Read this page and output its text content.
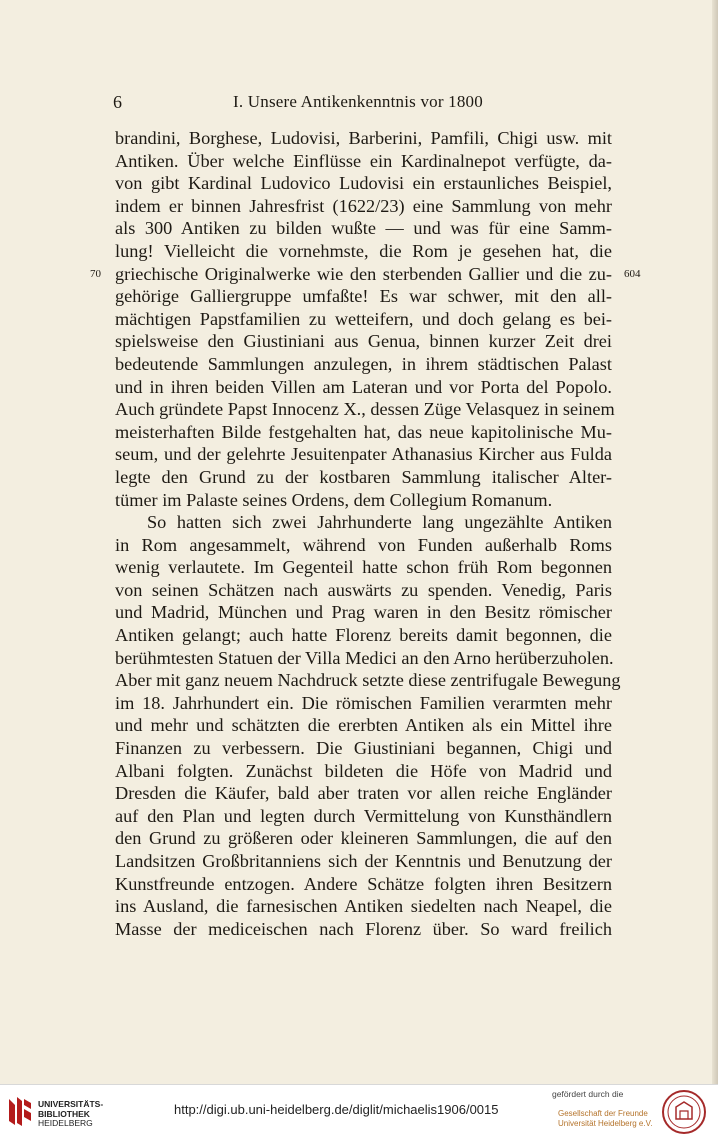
6	I. Unsere Antikenkenntnis vor 1800
70	604
brandini, Borghese, Ludovisi, Barberini, Pamfili, Chigi usw. mit
Antiken. Über welche Einflüsse ein Kardinalnepot verfügte, da-
von gibt Kardinal Ludovico Ludovisi ein erstaunliches Beispiel,
indem er binnen Jahresfrist (1622/23) eine Sammlung von mehr
als 300 Antiken zu bilden wußte — und was für eine Samm-
lung! Vielleicht die vornehmste, die Rom je gesehen hat, die
griechische Originalwerke wie den sterbenden Gallier und die zu-
gehörige Galliergruppe umfaßte! Es war schwer, mit den all-
mächtigen Papstfamilien zu wetteifern, und doch gelang es bei-
spielsweise den Giustiniani aus Genua, binnen kurzer Zeit drei
bedeutende Sammlungen anzulegen, in ihrem städtischen Palast
und in ihren beiden Villen am Lateran und vor Porta del Popolo.
Auch gründete Papst Innocenz X., dessen Züge Velasquez in seinem
meisterhaften Bilde festgehalten hat, das neue kapitolinische Mu-
seum, und der gelehrte Jesuitenpater Athanasius Kircher aus Fulda
legte den Grund zu der kostbaren Sammlung italischer Alter-
tümer im Palaste seines Ordens, dem Collegium Romanum.
So hatten sich zwei Jahrhunderte lang ungezählte Antiken
in Rom angesammelt, während von Funden außerhalb Roms
wenig verlautete. Im Gegenteil hatte schon früh Rom begonnen
von seinen Schätzen nach auswärts zu spenden. Venedig, Paris
und Madrid, München und Prag waren in den Besitz römischer
Antiken gelangt; auch hatte Florenz bereits damit begonnen, die
berühmtesten Statuen der Villa Medici an den Arno herüberzuholen.
Aber mit ganz neuem Nachdruck setzte diese zentrifugale Bewegung
im 18. Jahrhundert ein. Die römischen Familien verarmten mehr
und mehr und schätzten die ererbten Antiken als ein Mittel ihre
Finanzen zu verbessern. Die Giustiniani begannen, Chigi und
Albani folgten. Zunächst bildeten die Höfe von Madrid und
Dresden die Käufer, bald aber traten vor allen reiche Engländer
auf den Plan und legten durch Vermittelung von Kunsthändlern
den Grund zu größeren oder kleineren Sammlungen, die auf den
Landsitzen Großbritanniens sich der Kenntnis und Benutzung der
Kunstfreunde entzogen. Andere Schätze folgten ihren Besitzern
ins Ausland, die farnesischen Antiken siedelten nach Neapel, die
Masse der mediceischen nach Florenz über. So ward freilich
UNIVERSITÄTS-
BIBLIOTHEK
HEIDELBERG
http://digi.ub.uni-heidelberg.de/diglit/michaelis1906/0015
gefördert durch die
Gesellschaft der Freunde
Universität Heidelberg e.V.
